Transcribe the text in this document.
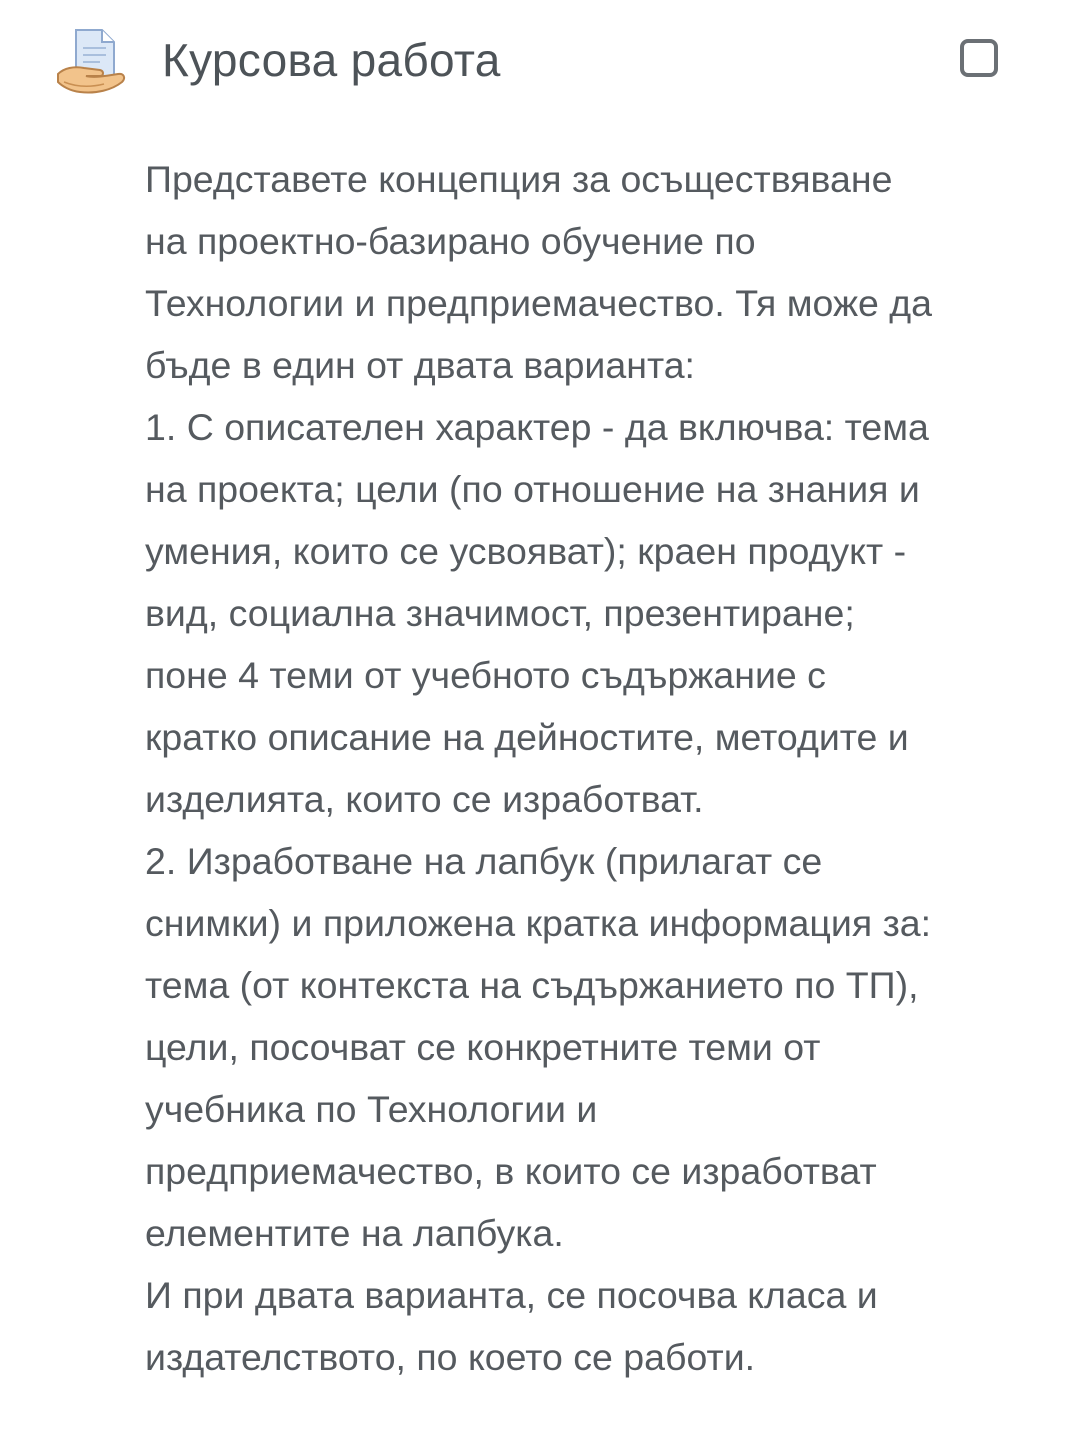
Курсова работа

Представете концепция за осъществяване

на проектно-базирано обучение по

Технологии и предприемачество. Тя може да

бъде в един от двата варианта:

1. С описателен характер - да включва: тема

на проекта; цели (по отношение на знания и

умения, които се усвояват); краен продукт -

вид, социална значимост, презентиране;

поне 4 теми от учебното съдържание с

кратко описание на дейностите, методите и

изделията, които се изработват.

2. Изработване на лапбук (прилагат се

снимки) и приложена кратка информация за:

тема (от контекста на съдържанието по ТП),

цели, посочват се конкретните теми от

учебника по Технологии и

предприемачество, в които се изработват

елементите на лапбука.

И при двата варианта, се посочва класа и

издателството, по което се работи.
